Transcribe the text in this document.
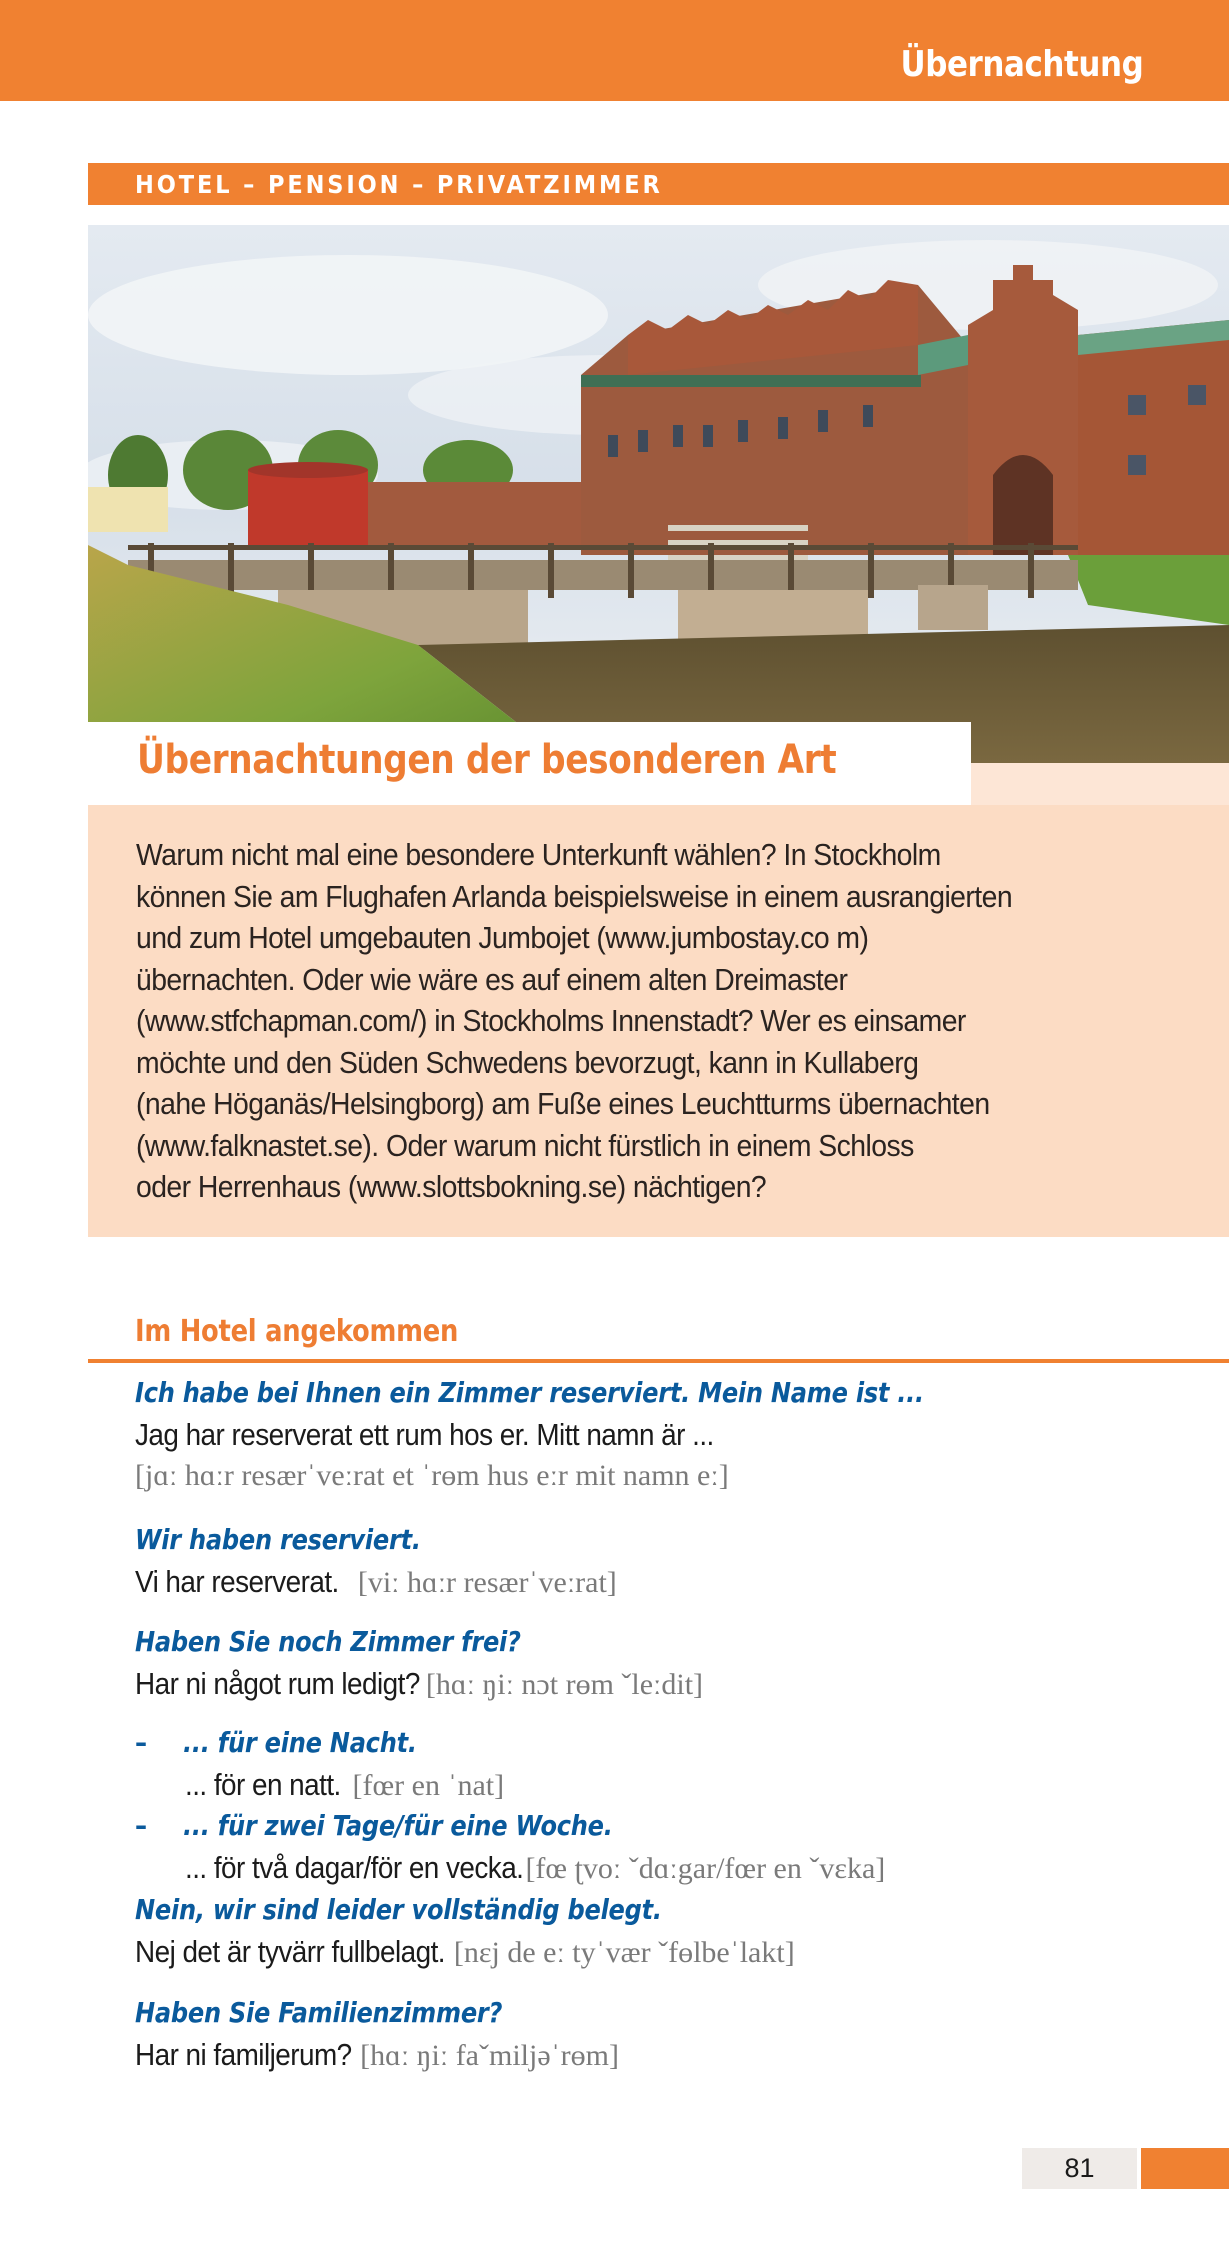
Übernachtung
HOTEL – PENSION – PRIVATZIMMER
Übernachtungen der besonderen Art
Warum nicht mal eine besondere Unterkunft wählen? In Stockholm
können Sie am Flughafen Arlanda beispielsweise in einem ausrangierten
und zum Hotel umgebauten Jumbojet (www.jumbostay.co m)
übernachten. Oder wie wäre es auf einem alten Dreimaster
(www.stfchapman.com/) in Stockholms Innenstadt? Wer es einsamer
möchte und den Süden Schwedens bevorzugt, kann in Kullaberg
(nahe Höganäs/Helsingborg) am Fuße eines Leuchtturms übernachten
(www.falknastet.se). Oder warum nicht fürstlich in einem Schloss
oder Herrenhaus (www.slottsbokning.se) nächtigen?
Im Hotel angekommen
Ich habe bei Ihnen ein Zimmer reserviert. Mein Name ist ...
Jag har reserverat ett rum hos er. Mitt namn är ...
[jɑː hɑːr resærˈveːrat et ˈrɵm hus eːr mit namn eː]
Wir haben reserviert.
Vi har reserverat. [viː hɑːr resærˈveːrat]
Haben Sie noch Zimmer frei?
Har ni något rum ledigt? [hɑː ŋiː nɔt rɵm ˇleːdit]
– ... für eine Nacht.
... för en natt. [fœr en ˈnat]
– ... für zwei Tage/für eine Woche.
... för två dagar/för en vecka. [fœ ʈvoː ˇdɑːgar/fœr en ˇvɛka]
Nein, wir sind leider vollständig belegt.
Nej det är tyvärr fullbelagt. [nɛj de eː tyˈvær ˇfɵlbeˈlakt]
Haben Sie Familienzimmer?
Har ni familjerum? [hɑː ŋiː faˇmiljəˈrɵm]
81
